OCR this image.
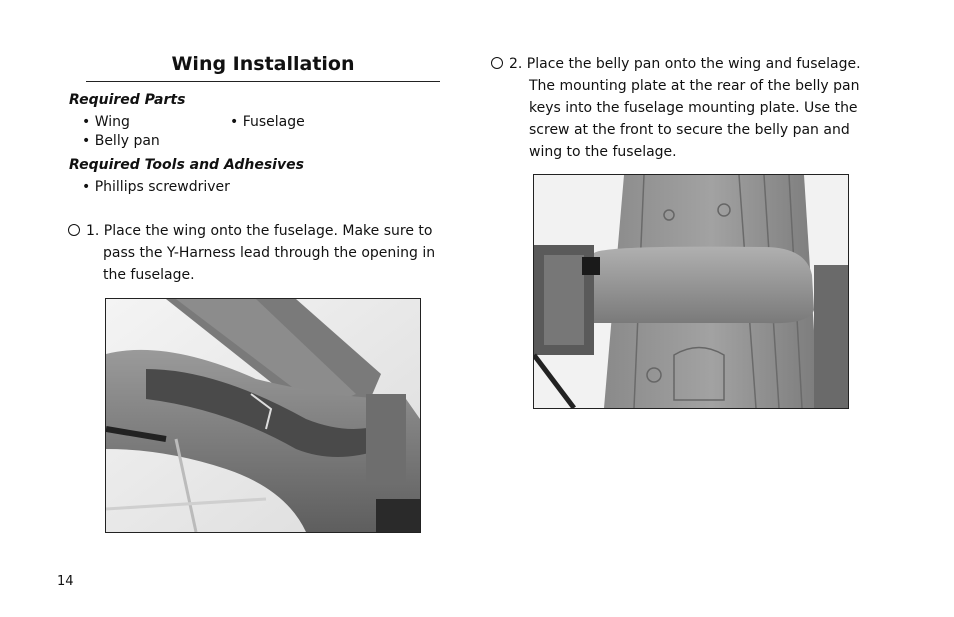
Wing Installation
Required Parts
• Wing	• Fuselage
• Belly pan
Required Tools and Adhesives
• Phillips screwdriver
1. Place the wing onto the fuselage. Make sure to
pass the Y-Harness lead through the opening in
the fuselage.
14
2. Place the belly pan onto the wing and fuselage.
The mounting plate at the rear of the belly pan
keys into the fuselage mounting plate. Use the
screw at the front to secure the belly pan and
wing to the fuselage.
